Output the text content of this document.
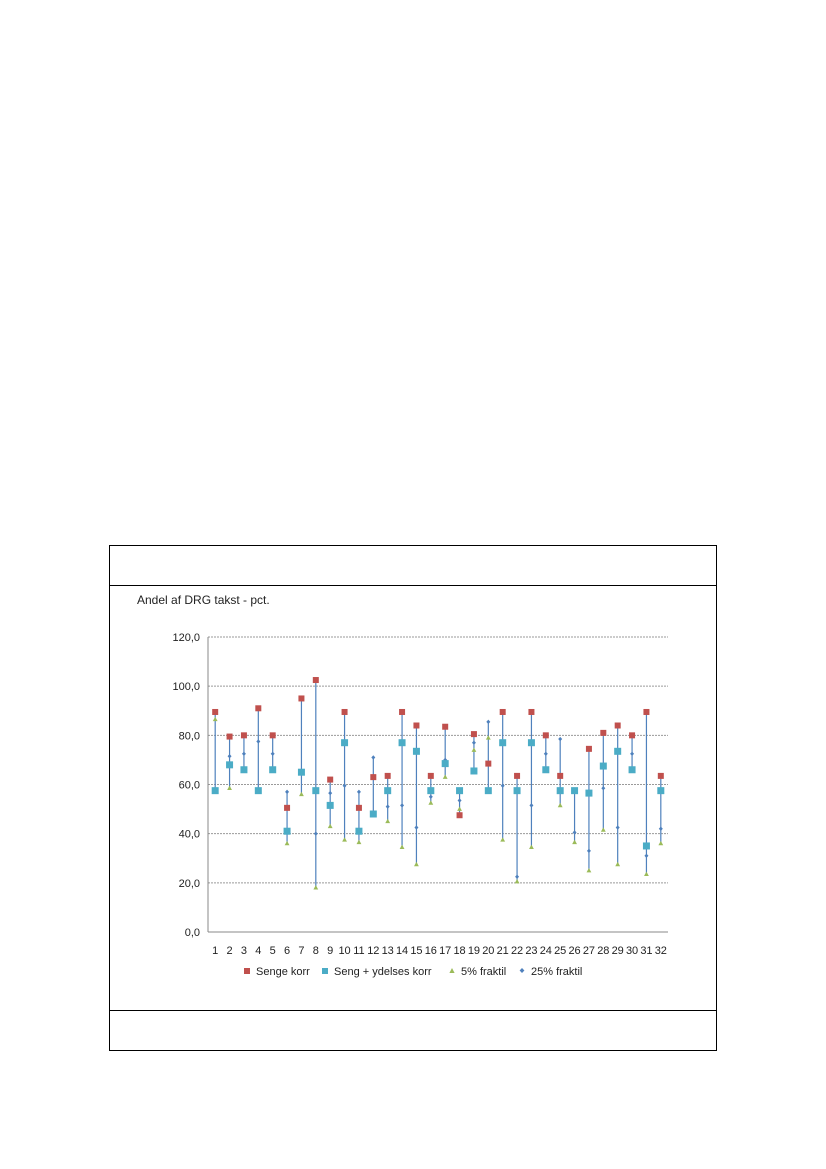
Andel af DRG takst - pct.
0,0
20,0
40,0
60,0
80,0
100,0
120,0
1 2 3 4 5 6 7 8 9 10 11 12 13 14 15 16 17 18 19 20 21 22 23 24 25 26 27 28 29 30 31 32
Senge korr Seng + ydelses korr	5% fraktil 25% fraktil
